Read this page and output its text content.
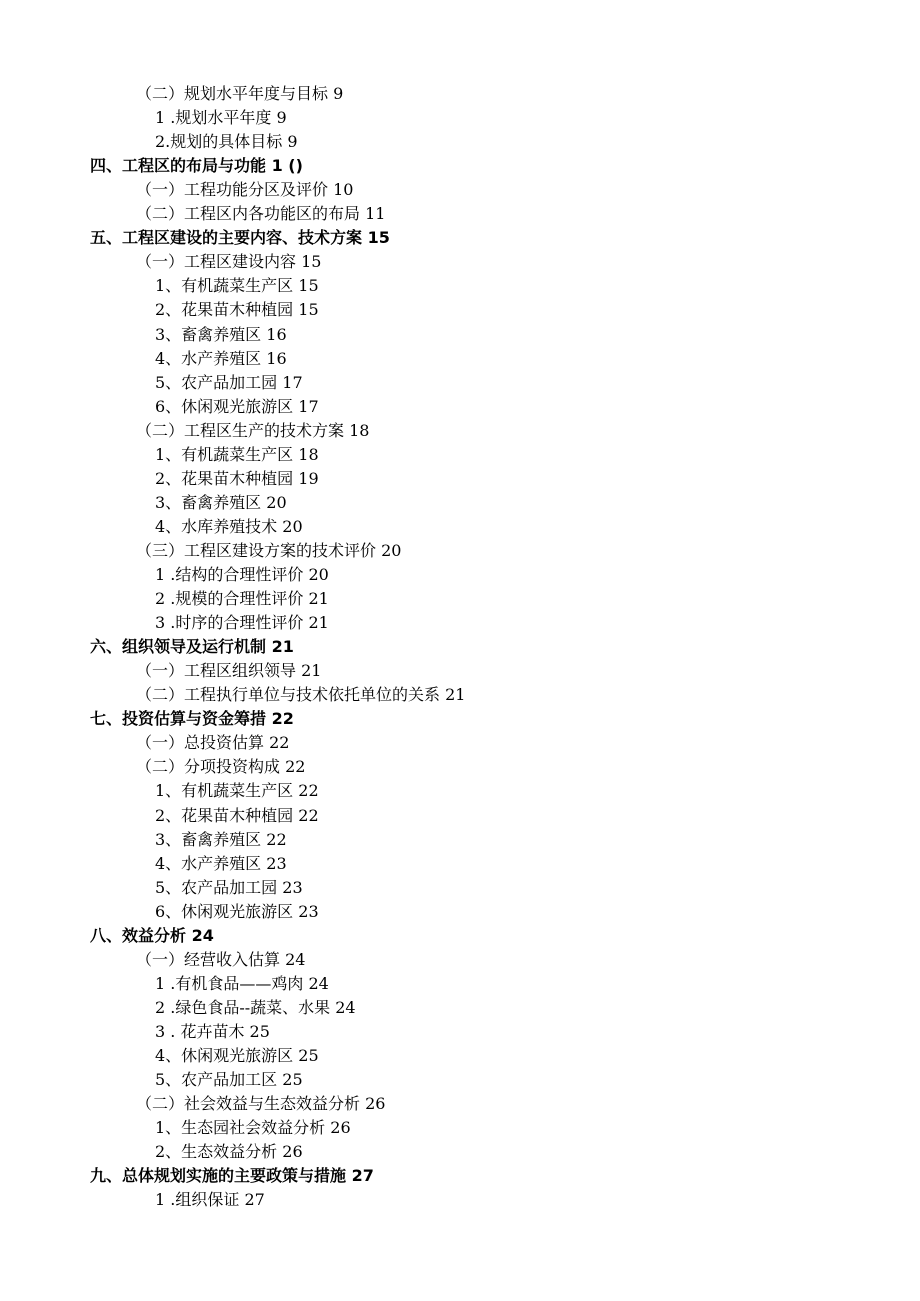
（二）规划水平年度与目标 9
1 .规划水平年度 9
2.规划的具体目标 9
四、工程区的布局与功能 1 ()
（一）工程功能分区及评价 10
（二）工程区内各功能区的布局 11
五、工程区建设的主要内容、技术方案 15
（一）工程区建设内容 15
1、有机蔬菜生产区 15
2、花果苗木种植园 15
3、畜禽养殖区 16
4、水产养殖区 16
5、农产品加工园 17
6、休闲观光旅游区 17
（二）工程区生产的技术方案 18
1、有机蔬菜生产区 18
2、花果苗木种植园 19
3、畜禽养殖区 20
4、水库养殖技术 20
（三）工程区建设方案的技术评价 20
1 .结构的合理性评价 20
2 .规模的合理性评价 21
3 .时序的合理性评价 21
六、组织领导及运行机制 21
（一）工程区组织领导 21
（二）工程执行单位与技术依托单位的关系 21
七、投资估算与资金筹措 22
（一）总投资估算 22
（二）分项投资构成 22
1、有机蔬菜生产区 22
2、花果苗木种植园 22
3、畜禽养殖区 22
4、水产养殖区 23
5、农产品加工园 23
6、休闲观光旅游区 23
八、效益分析 24
（一）经营收入估算 24
1 .有机食品——鸡肉 24
2 .绿色食品--蔬菜、水果 24
3 . 花卉苗木 25
4、休闲观光旅游区 25
5、农产品加工区 25
（二）社会效益与生态效益分析 26
1、生态园社会效益分析 26
2、生态效益分析 26
九、总体规划实施的主要政策与措施 27
1 .组织保证 27
